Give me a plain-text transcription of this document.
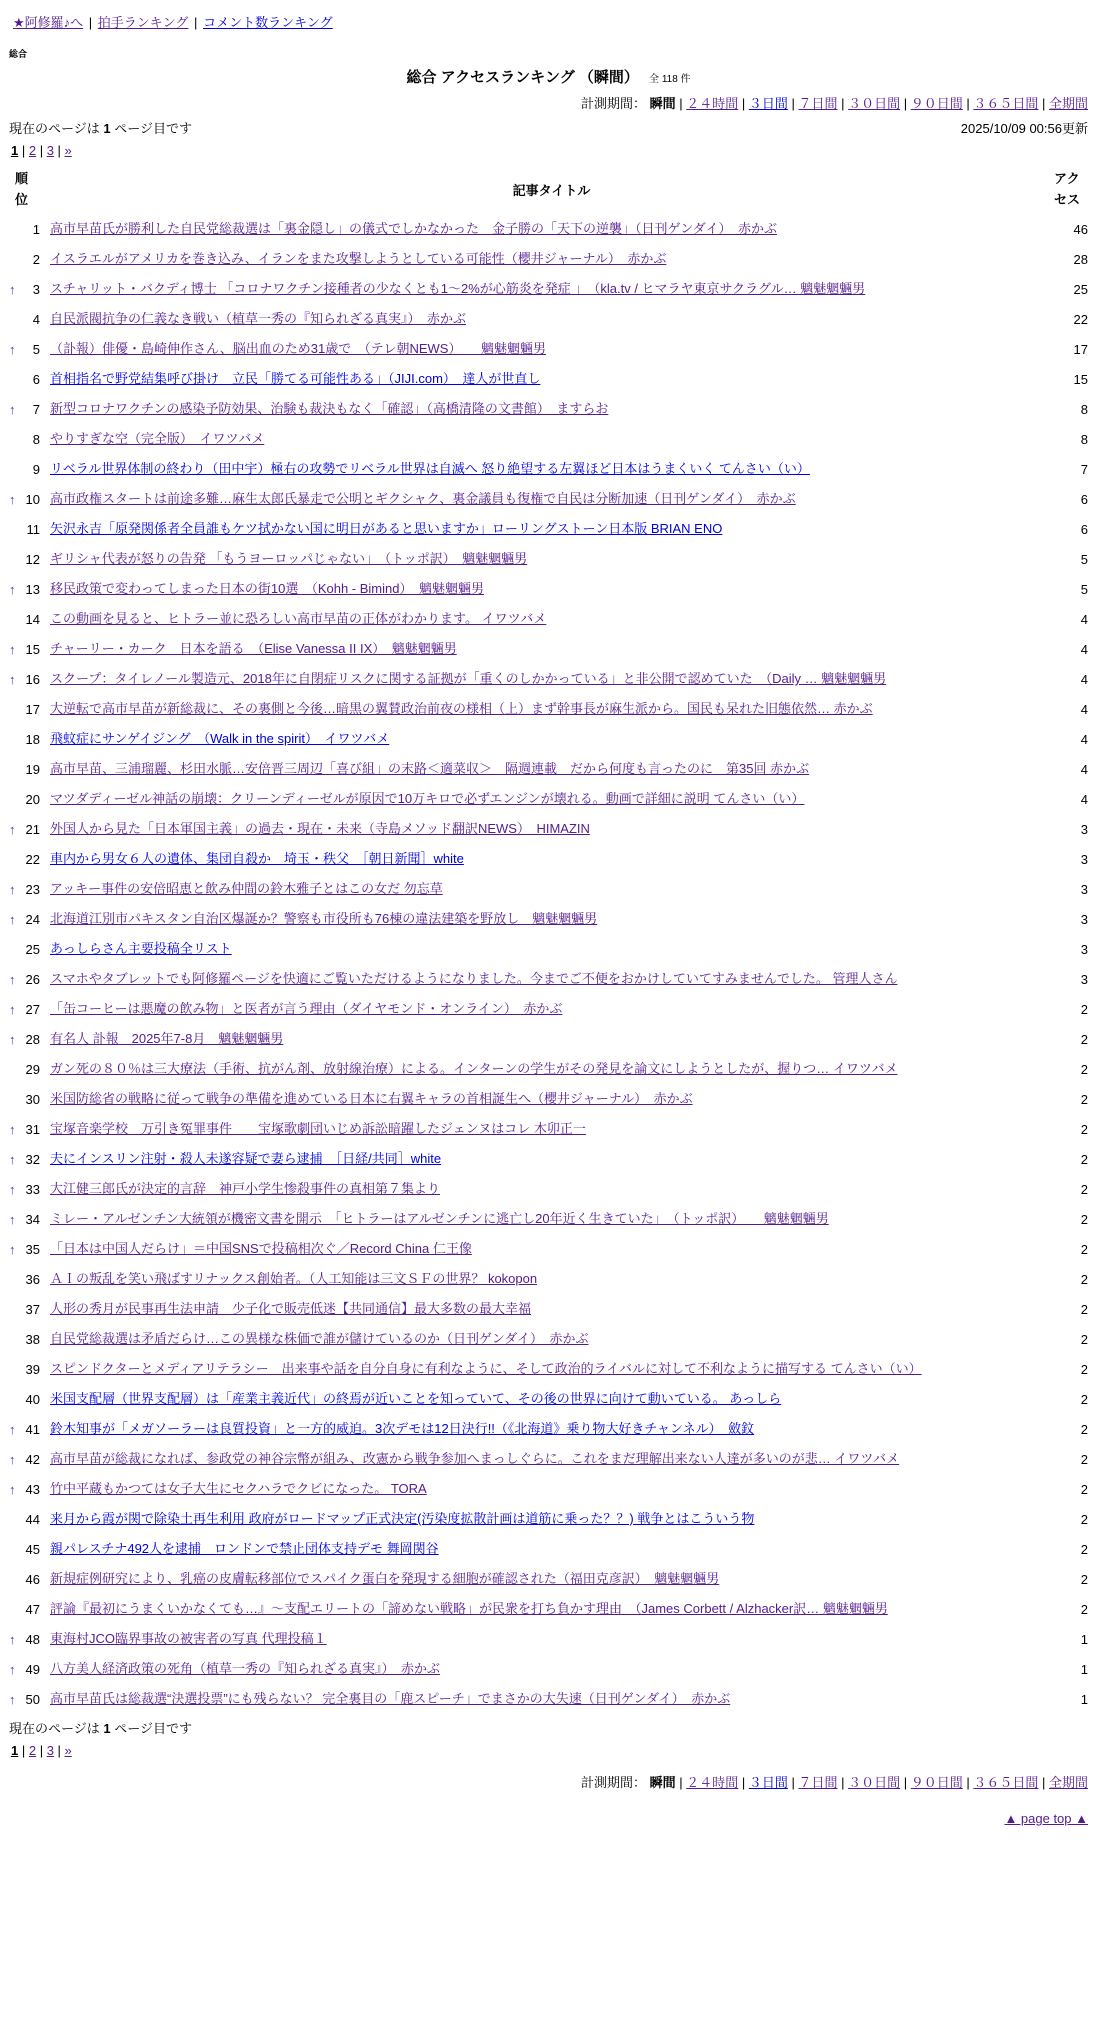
★阿修羅♪へ | 拍手ランキング | コメント数ランキング
総合
総合 アクセスランキング （瞬間） 全 118 件
計測期間： 瞬間 | ２４時間 | ３日間 | ７日間 | ３０日間 | ９０日間 | ３６５日間 | 全期間
現在のページは 1 ページ目です	2025/10/09 00:56更新
1 | 2 | 3 | »
順位
記事タイトル
アクセス
1 高市早苗氏が勝利した自民党総裁選は「裏金隠し」の儀式でしかなかった　金子勝の「天下の逆襲」（日刊ゲンダイ）　赤かぶ	46
2 イスラエルがアメリカを巻き込み、イランをまた攻撃しようとしている可能性（櫻井ジャーナル）　赤かぶ	28
↑	3 スチャリット・バクディ博士 「コロナワクチン接種者の少なくとも1～2%が心筋炎を発症 」　（kla.tv / ヒマラヤ東京サクラグル… 魑魅魍魎男	25
4 自民派閥抗争の仁義なき戦い（植草一秀の『知られざる真実』）　赤かぶ	22
↑	5 （訃報）俳優・島崎伸作さん、脳出血のため31歳で　（テレ朝NEWS）　　魑魅魍魎男	17
6 首相指名で野党結集呼び掛け　立民「勝てる可能性ある」（JIJI.com）　達人が世直し	15
↑	7 新型コロナワクチンの感染予防効果、治験も裁決もなく「確認」（高橋清隆の文書館）　ますらお	8
8 やりすぎな空（完全版）　イワツバメ	8
9 リベラル世界体制の終わり（田中宇）極右の攻勢でリベラル世界は自滅へ 怒り絶望する左翼ほど日本はうまくいく てんさい（い）	7
↑ 10 高市政権スタートは前途多難…麻生太郎氏暴走で公明とギクシャク、裏金議員も復権で自民は分断加速（日刊ゲンダイ）　赤かぶ	6
11 矢沢永吉「原発関係者全員誰もケツ拭かない国に明日があると思いますか」ローリングストーン日本版 BRIAN ENO	6
12 ギリシャ代表が怒りの告発 「もうヨーロッパじゃない」　（トッポ訳）　魑魅魍魎男	5
↑ 13 移民政策で変わってしまった日本の街10選　（Kohh - Bimind）　魑魅魍魎男	5
14 この動画を見ると、ヒトラー並に恐ろしい高市早苗の正体がわかります。 イワツバメ	4
↑ 15 チャーリー・カーク　日本を語る　（Elise Vanessa II IX）　魑魅魍魎男	4
↑ 16 スクープ：タイレノール製造元、2018年に自閉症リスクに関する証拠が「重くのしかかっている」と非公開で認めていた　（Daily … 魑魅魍魎男	4
17 大逆転で高市早苗が新総裁に、その裏側と今後…暗黒の翼賛政治前夜の様相（上）まず幹事長が麻生派から。国民も呆れた旧態依然… 赤かぶ	4
18 飛蚊症にサンゲイジング　（Walk in the spirit）　イワツバメ	4
19 高市早苗、三浦瑠麗、杉田水脈…安倍晋三周辺「喜び組」の末路＜適菜収＞　隔週連載　だから何度も言ったのに　第35回 赤かぶ	4
20 マツダディーゼル神話の崩壊：クリーンディーゼルが原因で10万キロで必ずエンジンが壊れる。動画で詳細に説明 てんさい（い）	4
↑ 21 外国人から見た「日本軍国主義」の過去・現在・未来（寺島メソッド翻訳NEWS）　HIMAZIN	3
22 車内から男女６人の遺体、集団自殺か　埼玉・秩父　［朝日新聞］white	3
↑ 23 アッキー事件の安倍昭恵と飲み仲間の鈴木雅子とはこの女だ 勿忘草	3
↑ 24 北海道江別市パキスタン自治区爆誕か？警察も市役所も76棟の違法建築を野放し　魑魅魍魎男	3
25 あっしらさん主要投稿全リスト	3
↑ 26 スマホやタブレットでも阿修羅ページを快適にご覧いただけるようになりました。今までご不便をおかけしていてすみませんでした。 管理人さん	3
↑ 27 「缶コーヒーは悪魔の飲み物」と医者が言う理由（ダイヤモンド・オンライン）　赤かぶ	2
↑ 28 有名人 訃報　2025年7-8月　魑魅魍魎男	2
29 ガン死の８０％は三大療法（手術、抗がん剤、放射線治療）による。インターンの学生がその発見を論文にしようとしたが、握りつ… イワツバメ	2
30 米国防総省の戦略に従って戦争の準備を進めている日本に右翼キャラの首相誕生へ（櫻井ジャーナル）　赤かぶ	2
↑ 31 宝塚音楽学校　万引き冤罪事件　　宝塚歌劇団いじめ訴訟暗躍したジェンヌはコレ 木卯正一	2
↑ 32 夫にインスリン注射・殺人未遂容疑で妻ら逮捕　［日経/共同］white	2
↑ 33 大江健三郎氏が決定的言辞　神戸小学生惨殺事件の真相第７集より	2
↑ 34 ミレー・アルゼンチン大統領が機密文書を開示　「ヒトラーはアルゼンチンに逃亡し20年近く生きていた」　（トッポ訳）　　魑魅魍魎男	2
↑ 35 「日本は中国人だらけ」＝中国SNSで投稿相次ぐ／Record China 仁王像	2
36 ＡＩの叛乱を笑い飛ばすリナックス創始者。（人工知能は三文ＳＦの世界？ kokopon	2
37 人形の秀月が民事再生法申請　少子化で販売低迷【共同通信】最大多数の最大幸福	2
38 自民党総裁選は矛盾だらけ…この異様な株価で誰が儲けているのか（日刊ゲンダイ）　赤かぶ	2
39 スピンドクターとメディアリテラシー　出来事や話を自分自身に有利なように、そして政治的ライバルに対して不利なように描写する てんさい（い）	2
40 米国支配層（世界支配層）は「産業主義近代」の終焉が近いことを知っていて、その後の世界に向けて動いている。 あっしら	2
↑ 41 鈴木知事が「メガソーラーは良質投資」と一方的威迫。3次デモは12日決行!!（《北海道》乗り物大好きチャンネル）　斂鈫	2
↑ 42 高市早苗が総裁になれば、参政党の神谷宗幣が組み、改憲から戦争参加へまっしぐらに。これをまだ理解出来ない人達が多いのが悲… イワツバメ	2
↑ 43 竹中平蔵もかつては女子大生にセクハラでクビになった。 TORA	2
44 来月から霞が関で除染土再生利用 政府がロードマップ正式決定(汚染度拡散計画は道筋に乗った？？) 戦争とはこういう物	2
45 親パレスチナ492人を逮捕　ロンドンで禁止団体支持デモ 舞岡関谷	2
46 新規症例研究により、乳癌の皮膚転移部位でスパイク蛋白を発現する細胞が確認された（福田克彦訳）　魑魅魍魎男	2
47 評論『最初にうまくいかなくても…』～支配エリートの「諦めない戦略」が民衆を打ち負かす理由　（James Corbett / Alzhacker訳… 魑魅魍魎男	2
↑ 48 東海村JCO臨界事故の被害者の写真 代理投稿１	1
↑ 49 八方美人経済政策の死角（植草一秀の『知られざる真実』）　赤かぶ	1
↑ 50 高市早苗氏は総裁選“決選投票”にも残らない？ 完全裏目の「鹿スピーチ」でまさかの大失速（日刊ゲンダイ）　赤かぶ	1
現在のページは 1 ページ目です
1 | 2 | 3 | »
計測期間： 瞬間 | ２４時間 | ３日間 | ７日間 | ３０日間 | ９０日間 | ３６５日間 | 全期間
▲ page top ▲
